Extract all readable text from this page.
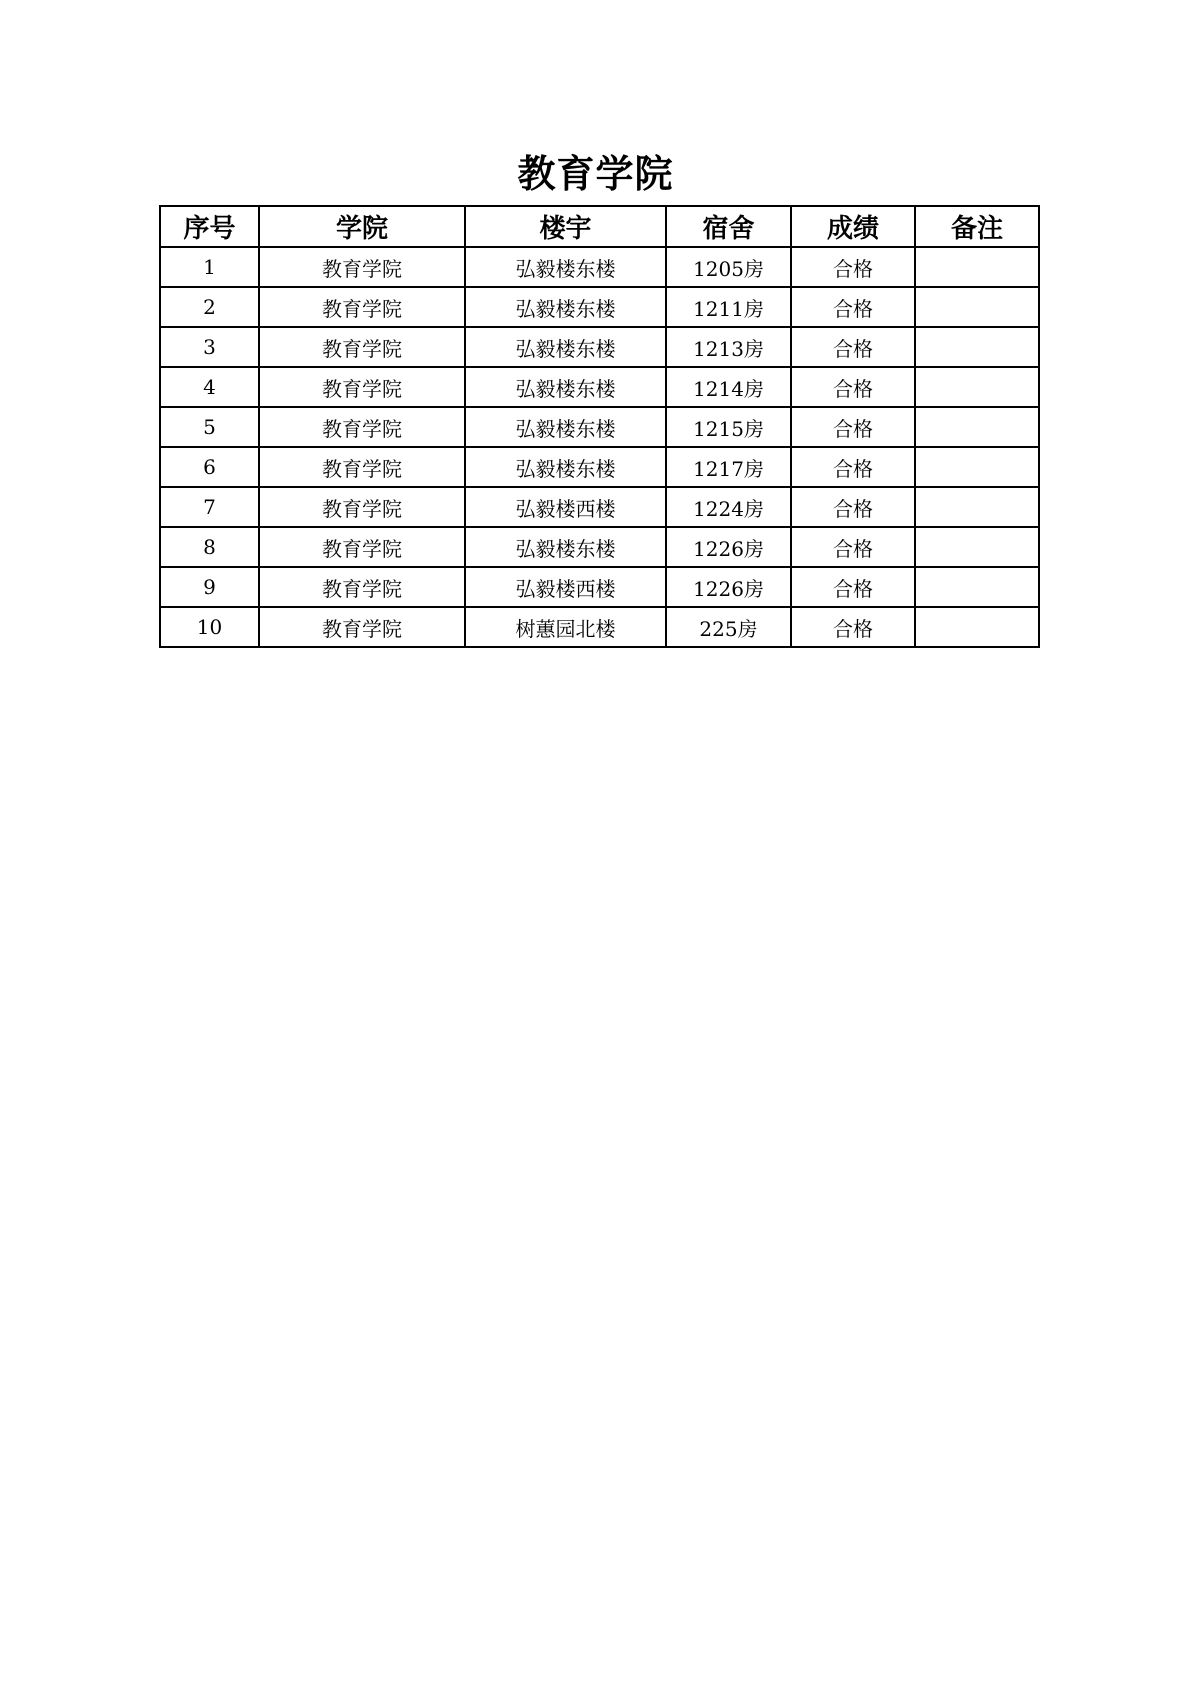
教育学院
序号	学院	楼宇	宿舍	成绩	备注
1	教育学院	弘毅楼东楼	1205房	合格	
2	教育学院	弘毅楼东楼	1211房	合格	
3	教育学院	弘毅楼东楼	1213房	合格	
4	教育学院	弘毅楼东楼	1214房	合格	
5	教育学院	弘毅楼东楼	1215房	合格	
6	教育学院	弘毅楼东楼	1217房	合格	
7	教育学院	弘毅楼西楼	1224房	合格	
8	教育学院	弘毅楼东楼	1226房	合格	
9	教育学院	弘毅楼西楼	1226房	合格	
10	教育学院	树蕙园北楼	225房	合格	
